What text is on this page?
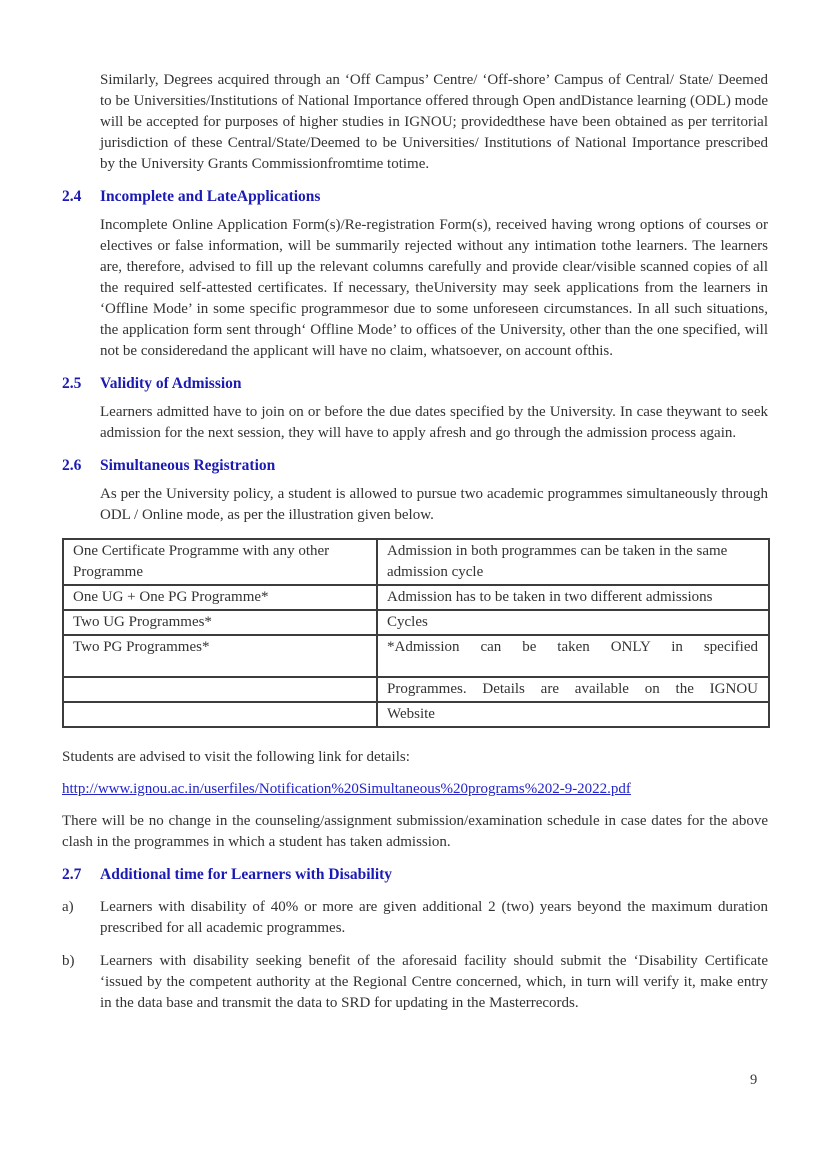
Similarly, Degrees acquired through an ‘Off Campus’ Centre/ ‘Off-shore’ Campus of Central/ State/ Deemed to be Universities/Institutions of National Importance offered through Open andDistance learning (ODL) mode will be accepted for purposes of higher studies in IGNOU; providedthese have been obtained as per territorial jurisdiction of these Central/State/Deemed to be Universities/ Institutions of National Importance prescribed by the University Grants Commissionfromtime totime.

2.4	Incomplete and LateApplications

Incomplete Online Application Form(s)/Re-registration Form(s), received having wrong options of courses or electives or false information, will be summarily rejected without any intimation tothe learners. The learners are, therefore, advised to fill up the relevant columns carefully and provide clear/visible scanned copies of all the required self-attested certificates. If necessary, theUniversity may seek applications from the learners in ‘Offline Mode’ in some specific programmesor due to some unforeseen circumstances. In all such situations, the application form sent through‘ Offline Mode’ to offices of the University, other than the one specified, will not be consideredand the applicant will have no claim, whatsoever, on account ofthis.

2.5	Validity of Admission

Learners admitted have to join on or before the due dates specified by the University. In case theywant to seek admission for the next session, they will have to apply afresh and go through the admission process again.

2.6	Simultaneous Registration

As per the University policy, a student is allowed to pursue two academic programmes simultaneously through ODL / Online mode, as per the illustration given below.

One Certificate Programme with any other Programme	Admission in both programmes can be taken in the same admission cycle
One UG + One PG Programme*	Admission has to be taken in two different admissions
Two UG Programmes*	Cycles
Two PG Programmes*	*Admission can be taken ONLY in specified
	Programmes. Details are available on the IGNOU
	Website

Students are advised to visit the following link for details:

http://www.ignou.ac.in/userfiles/Notification%20Simultaneous%20programs%202-9-2022.pdf

There will be no change in the counseling/assignment submission/examination schedule in case dates for the above clash in the programmes in which a student has taken admission.

2.7	Additional time for Learners with Disability
a)	Learners with disability of 40% or more are given additional 2 (two) years beyond the maximum duration prescribed for all academic programmes.
b)	Learners with disability seeking benefit of the aforesaid facility should submit the ‘Disability Certificate ‘issued by the competent authority at the Regional Centre concerned, which, in turn will verify it, make entry in the data base and transmit the data to SRD for updating in the Masterrecords.
9
